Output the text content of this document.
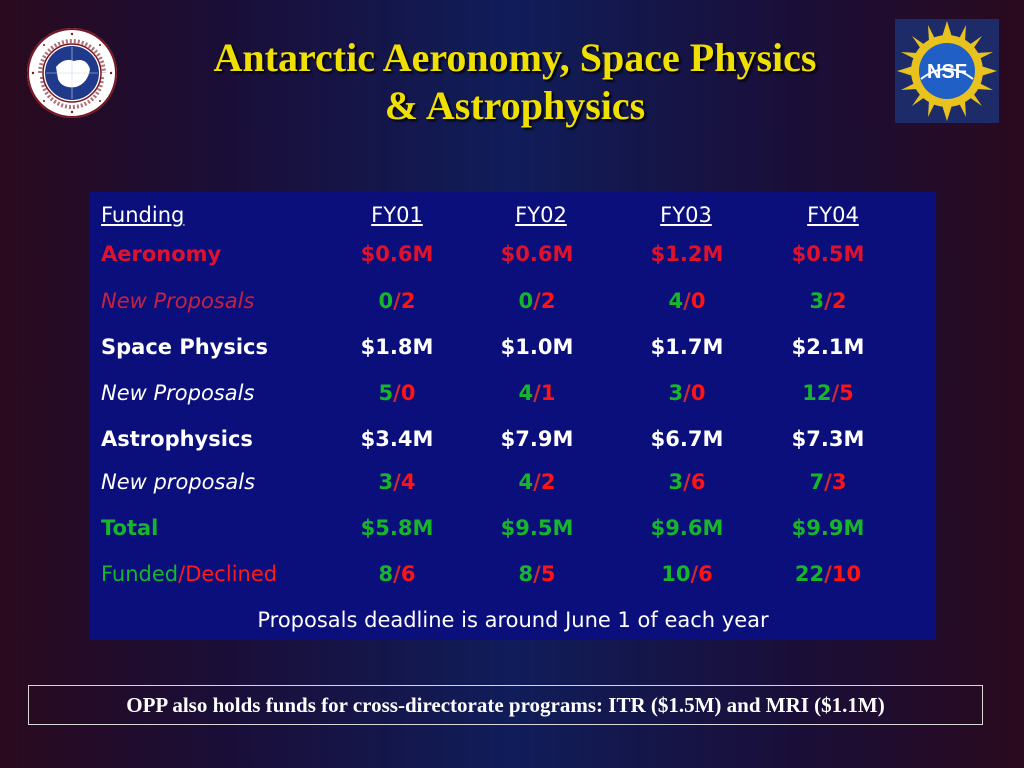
Antarctic Aeronomy, Space Physics
& Astrophysics
NSF
Funding	FY01	FY02	FY03	FY04
Aeronomy	$0.6M	$0.6M	$1.2M	$0.5M
New Proposals	0/2	0/2	4/0	3/2
Space Physics	$1.8M	$1.0M	$1.7M	$2.1M
New Proposals	5/0	4/1	3/0	12/5
Astrophysics	$3.4M	$7.9M	$6.7M	$7.3M
New proposals	3/4	4/2	3/6	7/3
Total	$5.8M	$9.5M	$9.6M	$9.9M
Funded/Declined	8/6	8/5	10/6	22/10
Proposals deadline is around June 1 of each year
OPP also holds funds for cross-directorate programs: ITR ($1.5M) and MRI ($1.1M)
